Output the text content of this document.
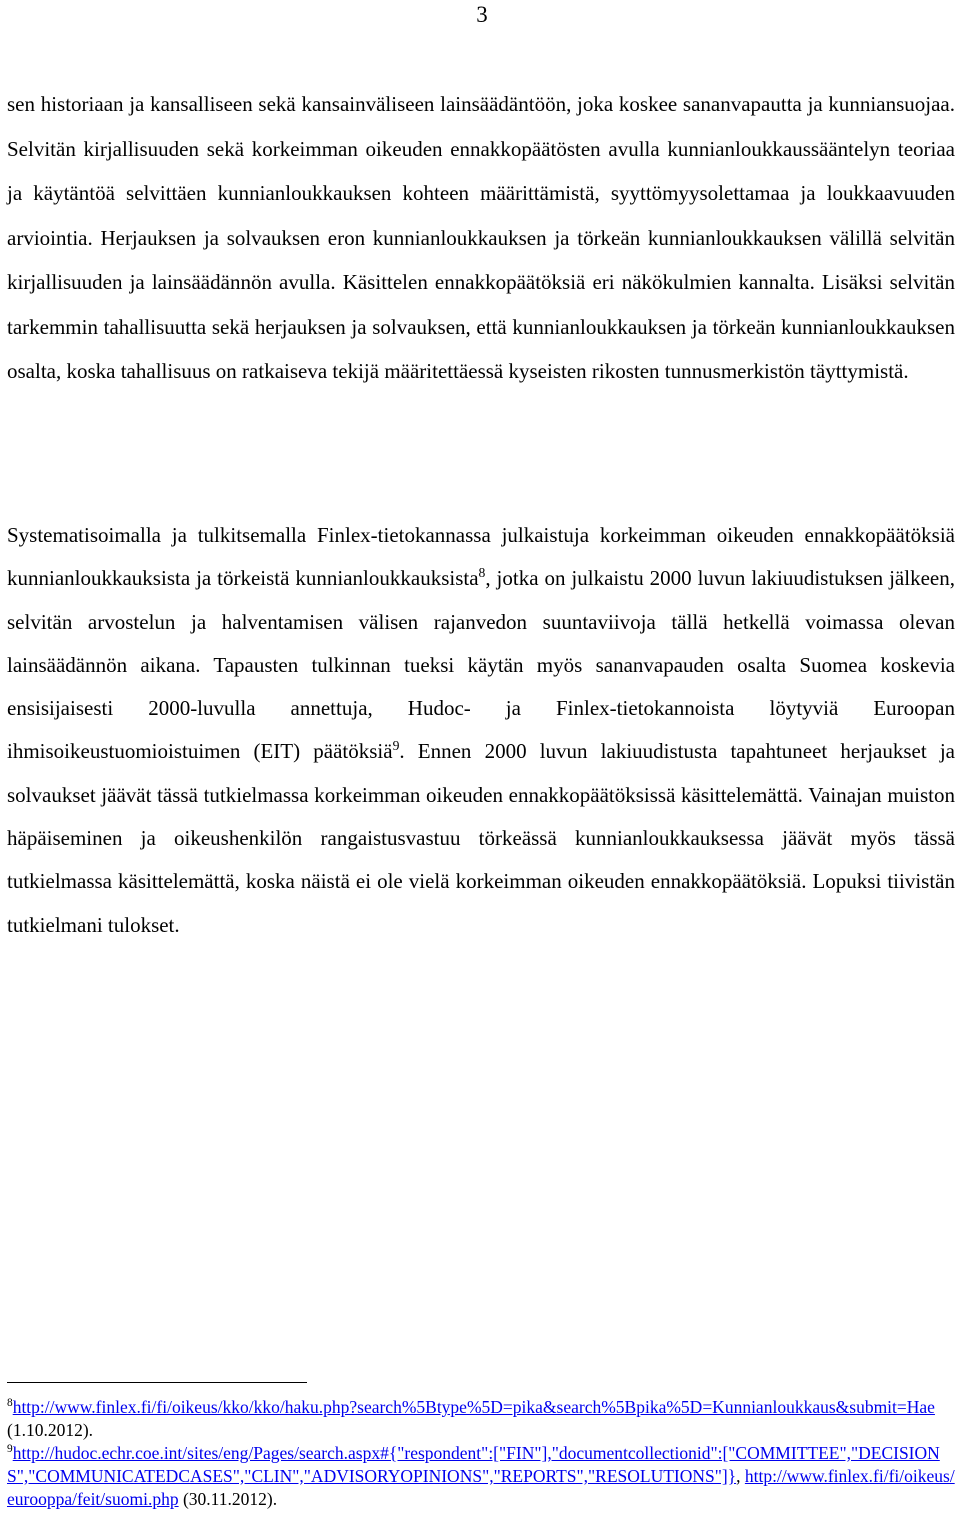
3

sen historiaan ja kansalliseen sekä kansainväliseen lainsäädäntöön, joka koskee sananvapautta ja kunniansuojaa. Selvitän kirjallisuuden sekä korkeimman oikeuden ennakkopäätösten avulla kunnianloukkaussääntelyn teoriaa ja käytäntöä selvittäen kunnianloukkauksen kohteen määrittämistä, syyttömyysolettamaa ja loukkaavuuden arviointia. Herjauksen ja solvauksen eron kunnianloukkauksen ja törkeän kunnianloukkauksen välillä selvitän kirjallisuuden ja lainsäädännön avulla. Käsittelen ennakkopäätöksiä eri näkökulmien kannalta. Lisäksi selvitän tarkemmin tahallisuutta sekä herjauksen ja solvauksen, että kunnianloukkauksen ja törkeän kunnianloukkauksen osalta, koska tahallisuus on ratkaiseva tekijä määritettäessä kyseisten rikosten tunnusmerkistön täyttymistä.

Systematisoimalla ja tulkitsemalla Finlex-tietokannassa julkaistuja korkeimman oikeuden ennakkopäätöksiä kunnianloukkauksista ja törkeistä kunnianloukkauksista$^8$, jotka on julkaistu 2000 luvun lakiuudistuksen jälkeen, selvitän arvostelun ja halventamisen välisen rajanvedon suuntaviivoja tällä hetkellä voimassa olevan lainsäädännön aikana. Tapausten tulkinnan tueksi käytän myös sananvapauden osalta Suomea koskevia ensisijaisesti 2000-luvulla annettuja, Hudoc- ja Finlex-tietokannoista löytyviä Euroopan ihmisoikeustuomioistuimen (EIT) päätöksiä$^9$. Ennen 2000 luvun lakiuudistusta tapahtuneet herjaukset ja solvaukset jäävät tässä tutkielmassa korkeimman oikeuden ennakkopäätöksissä käsittelemättä. Vainajan muiston häpäiseminen ja oikeushenkilön rangaistusvastuu törkeässä kunnianloukkauksessa jäävät myös tässä tutkielmassa käsittelemättä, koska näistä ei ole vielä korkeimman oikeuden ennakkopäätöksiä. Lopuksi tiivistän tutkielmani tulokset.

$^8$http://www.finlex.fi/fi/oikeus/kko/kko/haku.php?search%5Btype%5D=pika&search%5Bpika%5D=Kunnianloukkaus&submit=Hae (1.10.2012).

$^9$http://hudoc.echr.coe.int/sites/eng/Pages/search.aspx#{"respondent":["FIN"],"documentcollectionid":["COMMITTEE","DECISIONS","COMMUNICATEDCASES","CLIN","ADVISORYOPINIONS","REPORTS","RESOLUTIONS"]}, http://www.finlex.fi/fi/oikeus/eurooppa/feit/suomi.php (30.11.2012).
